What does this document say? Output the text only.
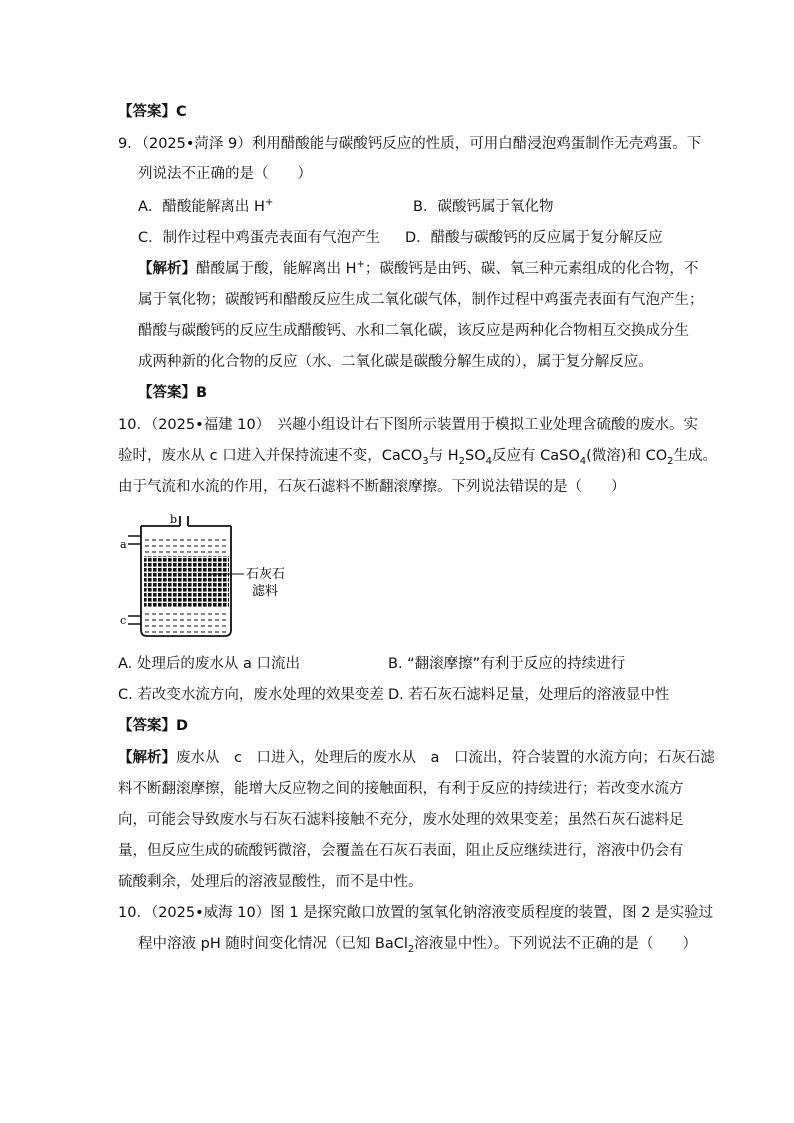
【答案】C
9．（2025•菏泽 9）利用醋酸能与碳酸钙反应的性质，可用白醋浸泡鸡蛋制作无壳鸡蛋。下
列说法不正确的是（　　）
A．醋酸能解离出 H+	B．碳酸钙属于氧化物
C．制作过程中鸡蛋壳表面有气泡产生 D．醋酸与碳酸钙的反应属于复分解反应
【解析】醋酸属于酸，能解离出 H+；碳酸钙是由钙、碳、氧三种元素组成的化合物，不
属于氧化物；碳酸钙和醋酸反应生成二氧化碳气体，制作过程中鸡蛋壳表面有气泡产生；
醋酸与碳酸钙的反应生成醋酸钙、水和二氧化碳，该反应是两种化合物相互交换成分生
成两种新的化合物的反应（水、二氧化碳是碳酸分解生成的），属于复分解反应。
【答案】B
10．（2025•福建 10）　兴趣小组设计右下图所示装置用于模拟工业处理含硫酸的废水。实
验时，废水从 c 口进入并保持流速不变，CaCO$_3$与 $H_2SO_4$反应有 CaSO$_4$(微溶)和 $CO_2$生成。
由于气流和水流的作用，石灰石滤料不断翻滚摩擦。下列说法错误的是（　　）
b
a
c
石灰石
滤料
A. 处理后的废水从 a 口流出	B. “翻滚摩擦”有利于反应的持续进行
C. 若改变水流方向，废水处理的效果变差 D. 若石灰石滤料足量，处理后的溶液显中性
【答案】D
【解析】废水从　c　口进入，处理后的废水从　a　口流出，符合装置的水流方向；石灰石滤
料不断翻滚摩擦，能增大反应物之间的接触面积，有利于反应的持续进行；若改变水流方
向，可能会导致废水与石灰石滤料接触不充分，废水处理的效果变差；虽然石灰石滤料足
量，但反应生成的硫酸钙微溶，会覆盖在石灰石表面，阻止反应继续进行，溶液中仍会有
硫酸剩余，处理后的溶液显酸性，而不是中性。
10．（2025•威海 10）图 1 是探究敞口放置的氢氧化钠溶液变质程度的装置，图 2 是实验过
程中溶液 pH 随时间变化情况（已知 BaCl$_2$溶液显中性）。下列说法不正确的是（　　）
